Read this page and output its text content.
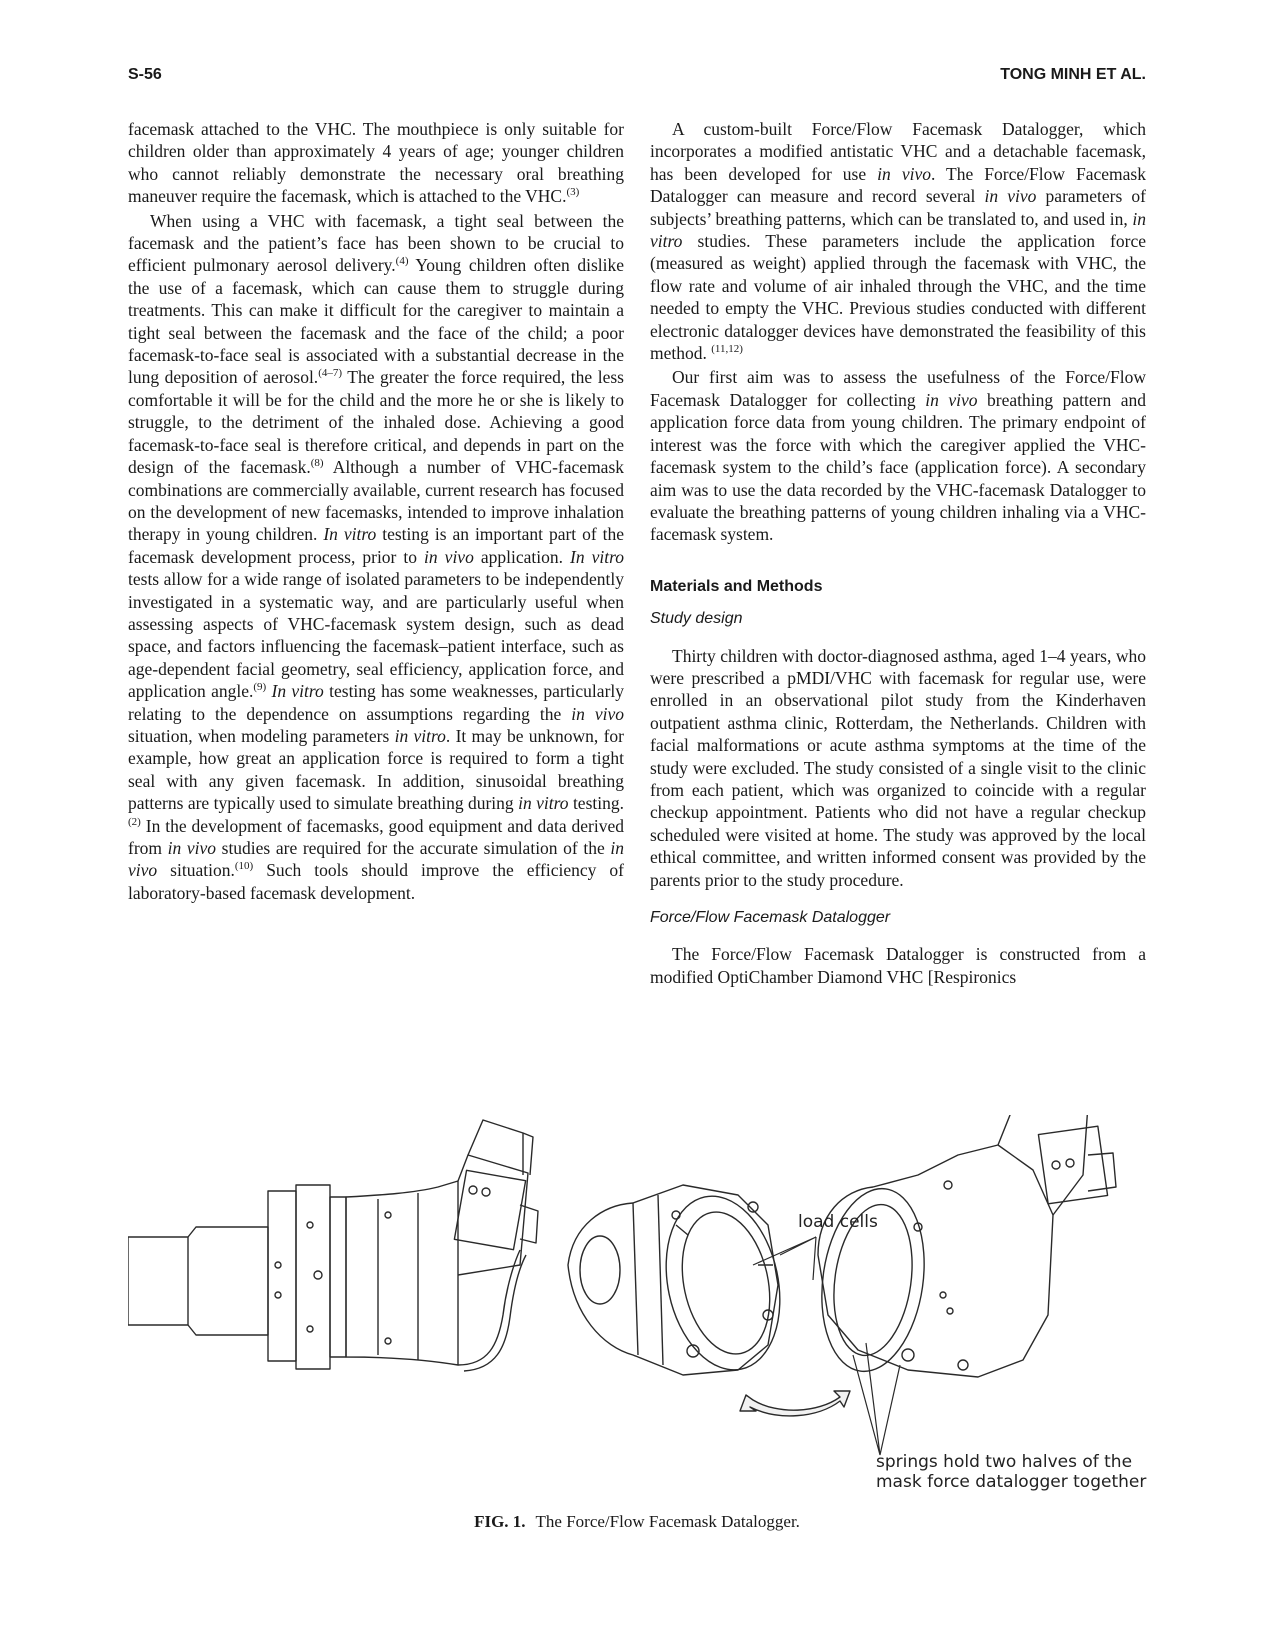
S-56	TONG MINH ET AL.

facemask attached to the VHC. The mouthpiece is only suitable for children older than approximately 4 years of age; younger children who cannot reliably demonstrate the necessary oral breathing maneuver require the facemask, which is attached to the VHC.$^{(3)}$

When using a VHC with facemask, a tight seal between the facemask and the patient’s face has been shown to be crucial to efficient pulmonary aerosol delivery.$^{(4)}$ Young children often dislike the use of a facemask, which can cause them to struggle during treatments. This can make it difficult for the caregiver to maintain a tight seal between the facemask and the face of the child; a poor facemask-to-face seal is associated with a substantial decrease in the lung deposition of aerosol.$^{(4-7)}$ The greater the force required, the less comfortable it will be for the child and the more he or she is likely to struggle, to the detriment of the inhaled dose. Achieving a good facemask-to-face seal is therefore critical, and depends in part on the design of the facemask.$^{(8)}$ Although a number of VHC-facemask combinations are commercially available, current research has focused on the development of new facemasks, intended to improve inhalation therapy in young children. In vitro testing is an important part of the facemask development process, prior to in vivo application. In vitro tests allow for a wide range of isolated parameters to be independently investigated in a systematic way, and are particularly useful when assessing aspects of VHC-facemask system design, such as dead space, and factors influencing the facemask–patient interface, such as age-dependent facial geometry, seal efficiency, application force, and application angle.$^{(9)}$ In vitro testing has some weaknesses, particularly relating to the dependence on assumptions regarding the in vivo situation, when modeling parameters in vitro. It may be unknown, for example, how great an application force is required to form a tight seal with any given facemask. In addition, sinusoidal breathing patterns are typically used to simulate breathing during in vitro testing.$^{(2)}$ In the development of facemasks, good equipment and data derived from in vivo studies are required for the accurate simulation of the in vivo situation.$^{(10)}$ Such tools should improve the efficiency of laboratory-based facemask development.

A custom-built Force/Flow Facemask Datalogger, which incorporates a modified antistatic VHC and a detachable facemask, has been developed for use in vivo. The Force/Flow Facemask Datalogger can measure and record several in vivo parameters of subjects’ breathing patterns, which can be translated to, and used in, in vitro studies. These parameters include the application force (measured as weight) applied through the facemask with VHC, the flow rate and volume of air inhaled through the VHC, and the time needed to empty the VHC. Previous studies conducted with different electronic datalogger devices have demonstrated the feasibility of this method. $^{(11,12)}$

Our first aim was to assess the usefulness of the Force/Flow Facemask Datalogger for collecting in vivo breathing pattern and application force data from young children. The primary endpoint of interest was the force with which the caregiver applied the VHC-facemask system to the child’s face (application force). A secondary aim was to use the data recorded by the VHC-facemask Datalogger to evaluate the breathing patterns of young children inhaling via a VHC-facemask system.

Materials and Methods
Study design

Thirty children with doctor-diagnosed asthma, aged 1–4 years, who were prescribed a pMDI/VHC with facemask for regular use, were enrolled in an observational pilot study from the Kinderhaven outpatient asthma clinic, Rotterdam, the Netherlands. Children with facial malformations or acute asthma symptoms at the time of the study were excluded. The study consisted of a single visit to the clinic from each patient, which was organized to coincide with a regular checkup appointment. Patients who did not have a regular checkup scheduled were visited at home. The study was approved by the local ethical committee, and written informed consent was provided by the parents prior to the study procedure.

Force/Flow Facemask Datalogger

The Force/Flow Facemask Datalogger is constructed from a modified OptiChamber Diamond VHC [Respironics

load cells
springs hold two halves of the
mask force datalogger together
FIG. 1. The Force/Flow Facemask Datalogger.
